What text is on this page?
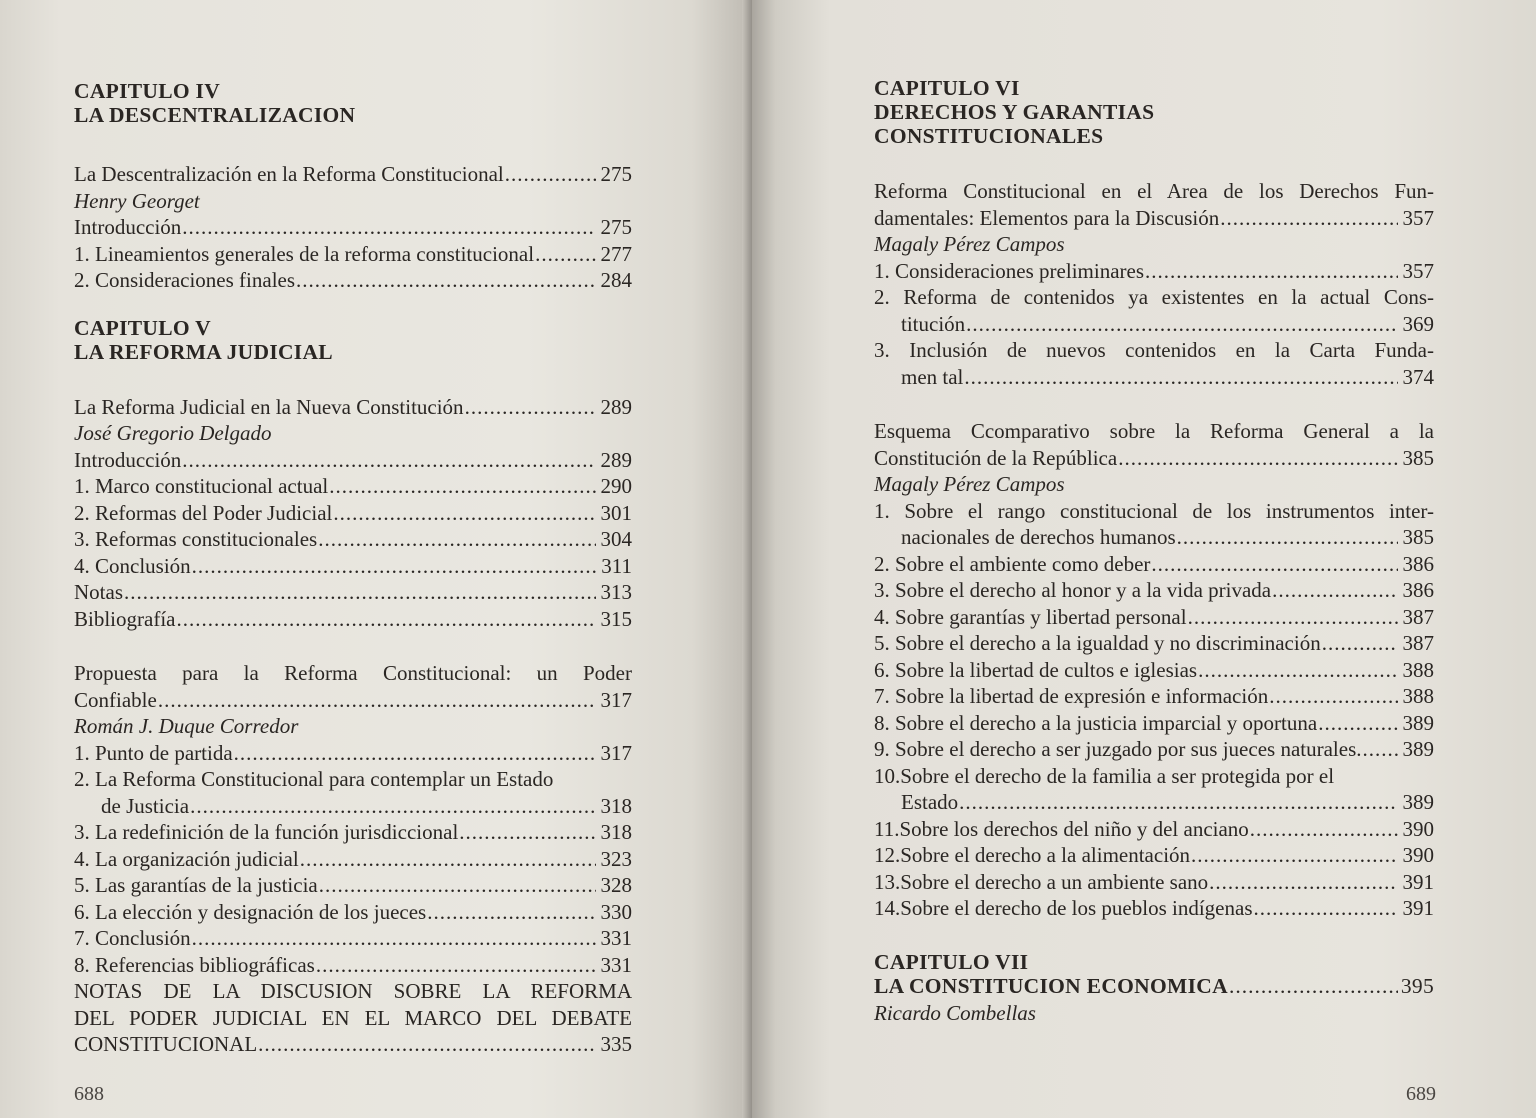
CAPITULO IV
LA DESCENTRALIZACION
La Descentralización en la Reforma Constitucional .....	275
Henry Georget
Introducción .....	275
1. Lineamientos generales de la reforma constitucional .....	277
2. Consideraciones finales .....	284
CAPITULO V
LA REFORMA JUDICIAL
La Reforma Judicial en la Nueva Constitución .....	289
José Gregorio Delgado
Introducción .....	289
1. Marco constitucional actual .....	290
2. Reformas del Poder Judicial .....	301
3. Reformas constitucionales .....	304
4. Conclusión .....	311
Notas .....	313
Bibliografía .....	315
Propuesta para la Reforma Constitucional: un Poder
Confiable .....	317
Román J. Duque Corredor
1. Punto de partida .....	317
2. La Reforma Constitucional para contemplar un Estado
de Justicia .....	318
3. La redefinición de la función jurisdiccional .....	318
4. La organización judicial .....	323
5. Las garantías de la justicia .....	328
6. La elección y designación de los jueces .....	330
7. Conclusión .....	331
8. Referencias bibliográficas .....	331
NOTAS DE LA DISCUSION SOBRE LA REFORMA
DEL PODER JUDICIAL EN EL MARCO DEL DEBATE
CONSTITUCIONAL .....	335
688
CAPITULO VI
DERECHOS Y GARANTIAS
CONSTITUCIONALES
Reforma Constitucional en el Area de los Derechos Fun-
damentales: Elementos para la Discusión .....	357
Magaly Pérez Campos
1. Consideraciones preliminares .....	357
2. Reforma de contenidos ya existentes en la actual Cons-
titución .....	369
3. Inclusión de nuevos contenidos en la Carta Funda-
men tal .....	374
Esquema Ccomparativo sobre la Reforma General a la
Constitución de la República .....	385
Magaly Pérez Campos
1. Sobre el rango constitucional de los instrumentos inter-
nacionales de derechos humanos .....	385
2. Sobre el ambiente como deber .....	386
3. Sobre el derecho al honor y a la vida privada .....	386
4. Sobre garantías y libertad personal .....	387
5. Sobre el derecho a la igualdad y no discriminación .....	387
6. Sobre la libertad de cultos e iglesias .....	388
7. Sobre la libertad de expresión e información .....	388
8. Sobre el derecho a la justicia imparcial y oportuna .....	389
9. Sobre el derecho a ser juzgado por sus jueces naturales. ..... 389
10.Sobre el derecho de la familia a ser protegida por el
Estado .....	389
11.Sobre los derechos del niño y del anciano .....	390
12.Sobre el derecho a la alimentación .....	390
13.Sobre el derecho a un ambiente sano .....	391
14.Sobre el derecho de los pueblos indígenas .....	391
CAPITULO VII
LA CONSTITUCION ECONOMICA .....	395
Ricardo Combellas
689
